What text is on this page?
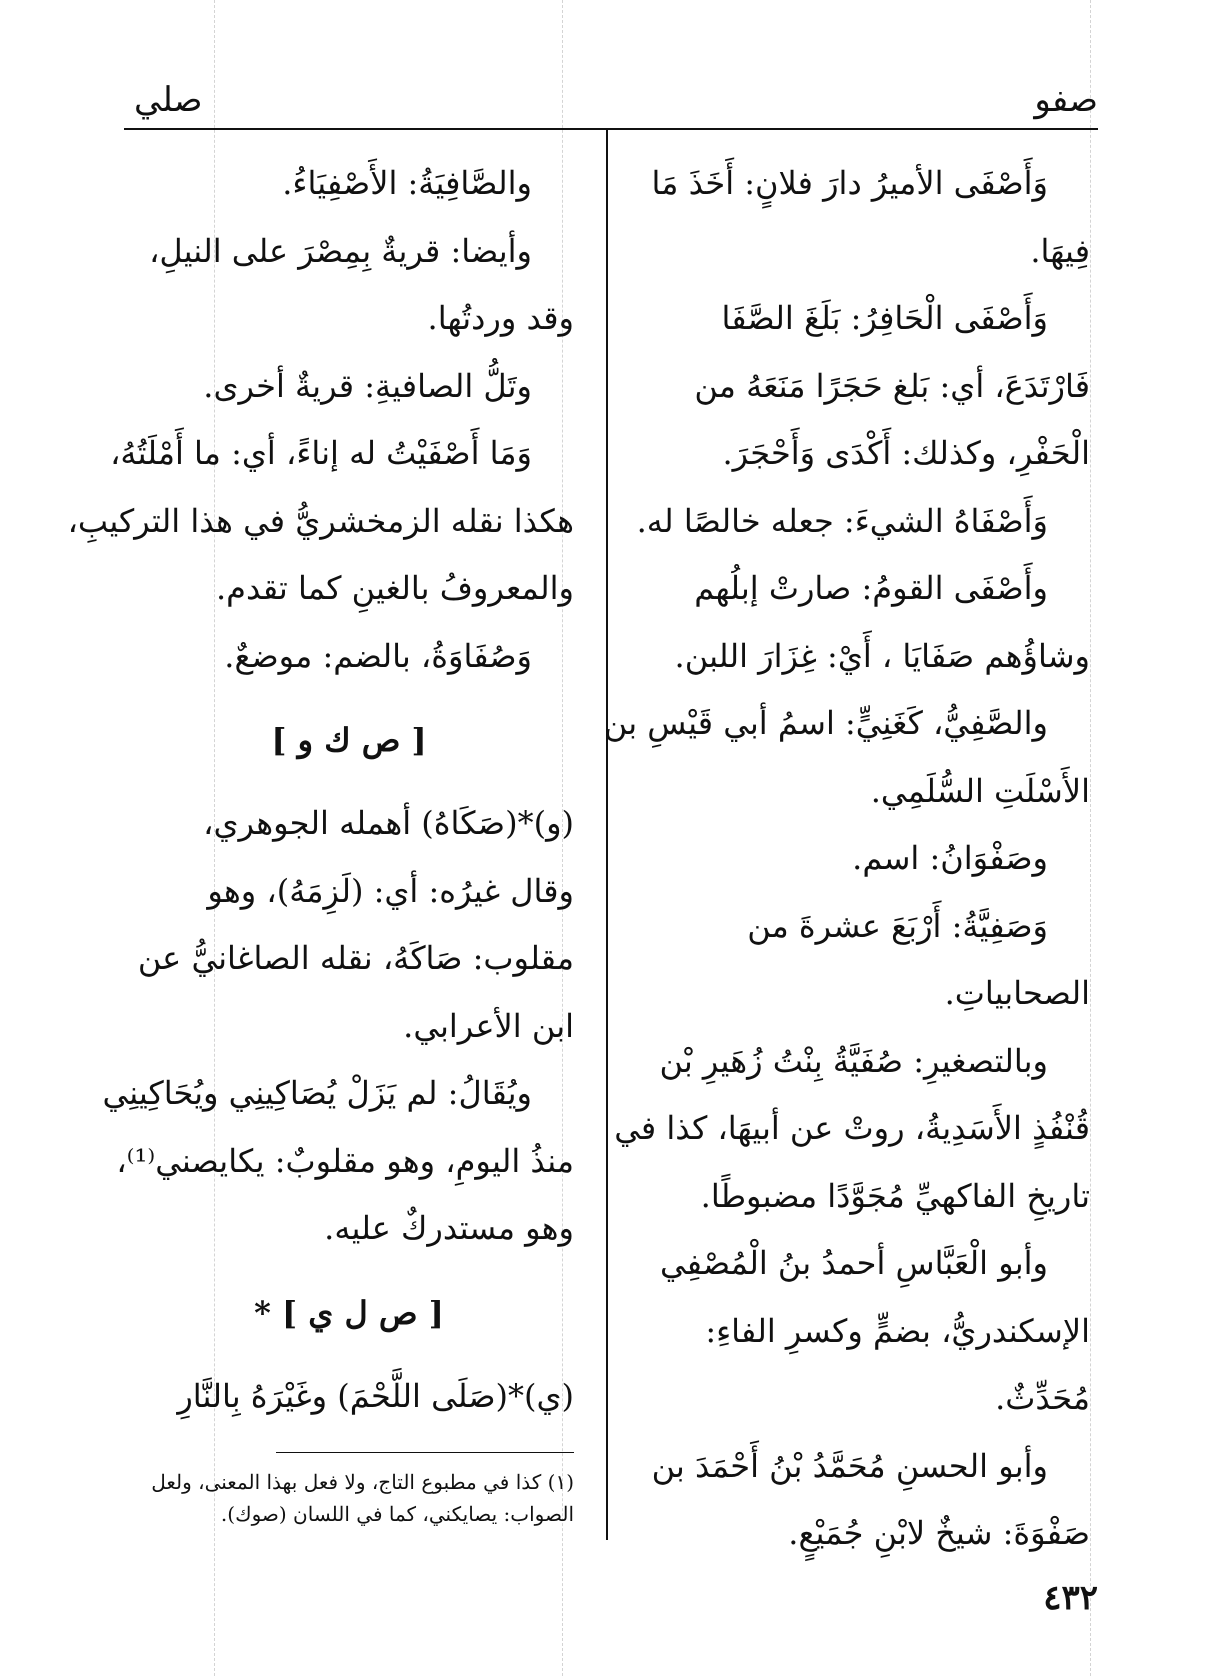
صفو
صلي
وَأَصْفَى الأميرُ دارَ فلانٍ: أَخَذَ مَا
فِيهَا.
وَأَصْفَى الْحَافِرُ: بَلَغَ الصَّفَا
فَارْتَدَعَ، أي: بَلغ حَجَرًا مَنَعَهُ من
الْحَفْرِ، وكذلك: أَكْدَى وَأَحْجَرَ.
وَأَصْفَاهُ الشيءَ: جعله خالصًا له.
وأَصْفَى القومُ: صارتْ إبلُهم
وشاؤُهم صَفَايَا ، أَيْ: غِزَارَ اللبن.
والصَّفِيُّ، كَغَنِيٍّ: اسمُ أبي قَيْسِ بن
الأَسْلَتِ السُّلَمِي.
وصَفْوَانُ: اسم.
وَصَفِيَّةُ: أَرْبَعَ عشرةَ من
الصحابياتِ.
وبالتصغيرِ: صُفَيَّةُ بِنْتُ زُهَيرِ بْن
قُنْفُذٍ الأَسَدِيةُ، روتْ عن أبيهَا، كذا في
تاريخِ الفاكهيِّ مُجَوَّدًا مضبوطًا.
وأبو الْعَبَّاسِ أحمدُ بنُ الْمُصْفِي
الإسكندريُّ، بضمٍّ وكسرِ الفاءِ:
مُحَدِّثٌ.
وأبو الحسنِ مُحَمَّدُ بْنُ أَحْمَدَ بن
صَفْوَةَ: شيخٌ لابْنِ جُمَيْعٍ.
والصَّافِيَةُ: الأَصْفِيَاءُ.
وأيضا: قريةٌ بِمِصْرَ على النيلِ،
وقد وردتُها.
وتَلُّ الصافيةِ: قريةٌ أخرى.
وَمَا أَصْفَيْتُ له إناءً، أي: ما أَمْلَتُهُ،
هكذا نقله الزمخشريُّ في هذا التركيبِ،
والمعروفُ بالغينِ كما تقدم.
وَصُفَاوَةُ، بالضم: موضعٌ.
[ ص ك و ]
(و)*(صَكَاهُ) أهمله الجوهري،
وقال غيرُه: أي: (لَزِمَهُ)، وهو
مقلوب: صَاكَهُ، نقله الصاغانيُّ عن
ابن الأعرابي.
ويُقَالُ: لم يَزَلْ يُصَاكِينِي ويُحَاكِينِي
منذُ اليومِ، وهو مقلوبٌ: يكايصني⁽¹⁾،
وهو مستدركٌ عليه.
[ ص ل ي ] *
(ي)*(صَلَى اللَّحْمَ) وغَيْرَهُ بِالنَّارِ
(١) كذا في مطبوع التاج، ولا فعل بهذا المعنى، ولعل
الصواب: يصايكني، كما في اللسان (صوك).
٤٣٢
